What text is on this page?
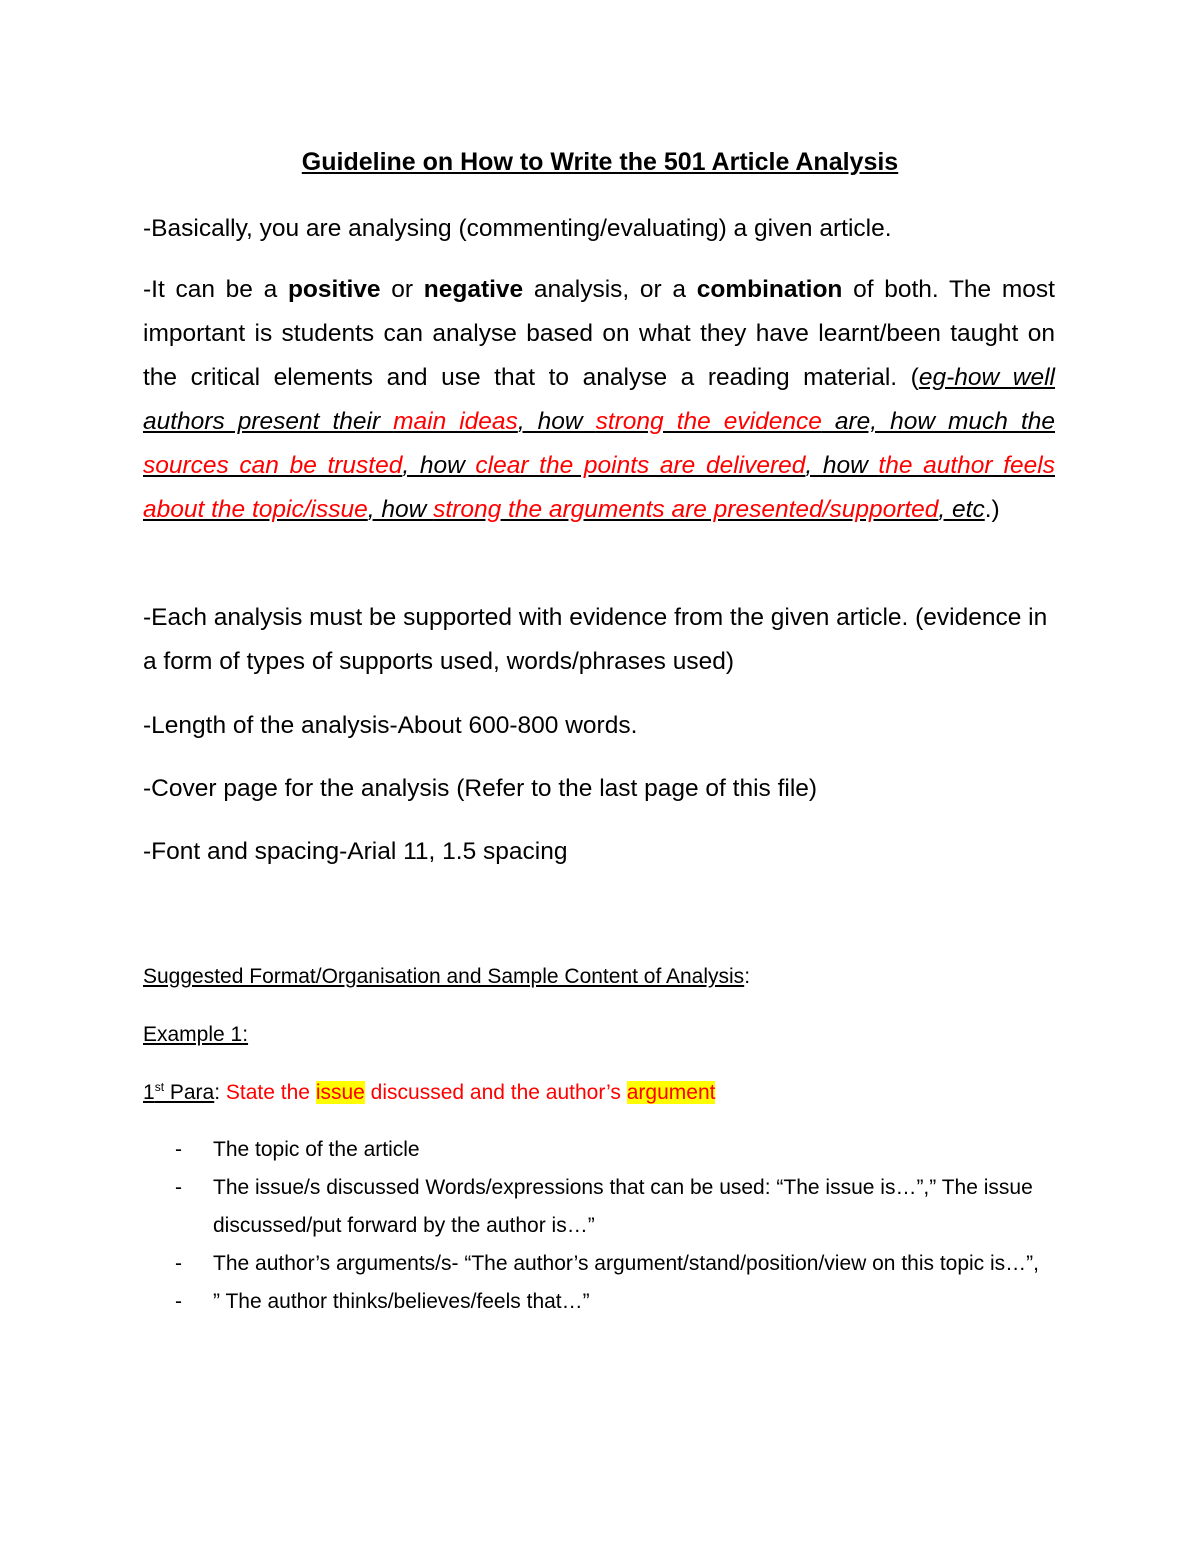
Guideline on How to Write the 501 Article Analysis

-Basically, you are analysing (commenting/evaluating) a given article.

-It can be a positive or negative analysis, or a combination of both. The most important is students can analyse based on what they have learnt/been taught on the critical elements and use that to analyse a reading material. (eg-how well authors present their main ideas, how strong the evidence are, how much the sources can be trusted, how clear the points are delivered, how the author feels about the topic/issue, how strong the arguments are presented/supported, etc.)

-Each analysis must be supported with evidence from the given article. (evidence in a form of types of supports used, words/phrases used)

-Length of the analysis-About 600-800 words.

-Cover page for the analysis (Refer to the last page of this file)

-Font and spacing-Arial 11, 1.5 spacing

Suggested Format/Organisation and Sample Content of Analysis:

Example 1:

1st Para: State the issue discussed and the author’s argument

- The topic of the article
- The issue/s discussed Words/expressions that can be used: “The issue is…”,” The issue discussed/put forward by the author is…”
- The author’s arguments/s- “The author’s argument/stand/position/view on this topic is…”,
- ” The author thinks/believes/feels that…”
